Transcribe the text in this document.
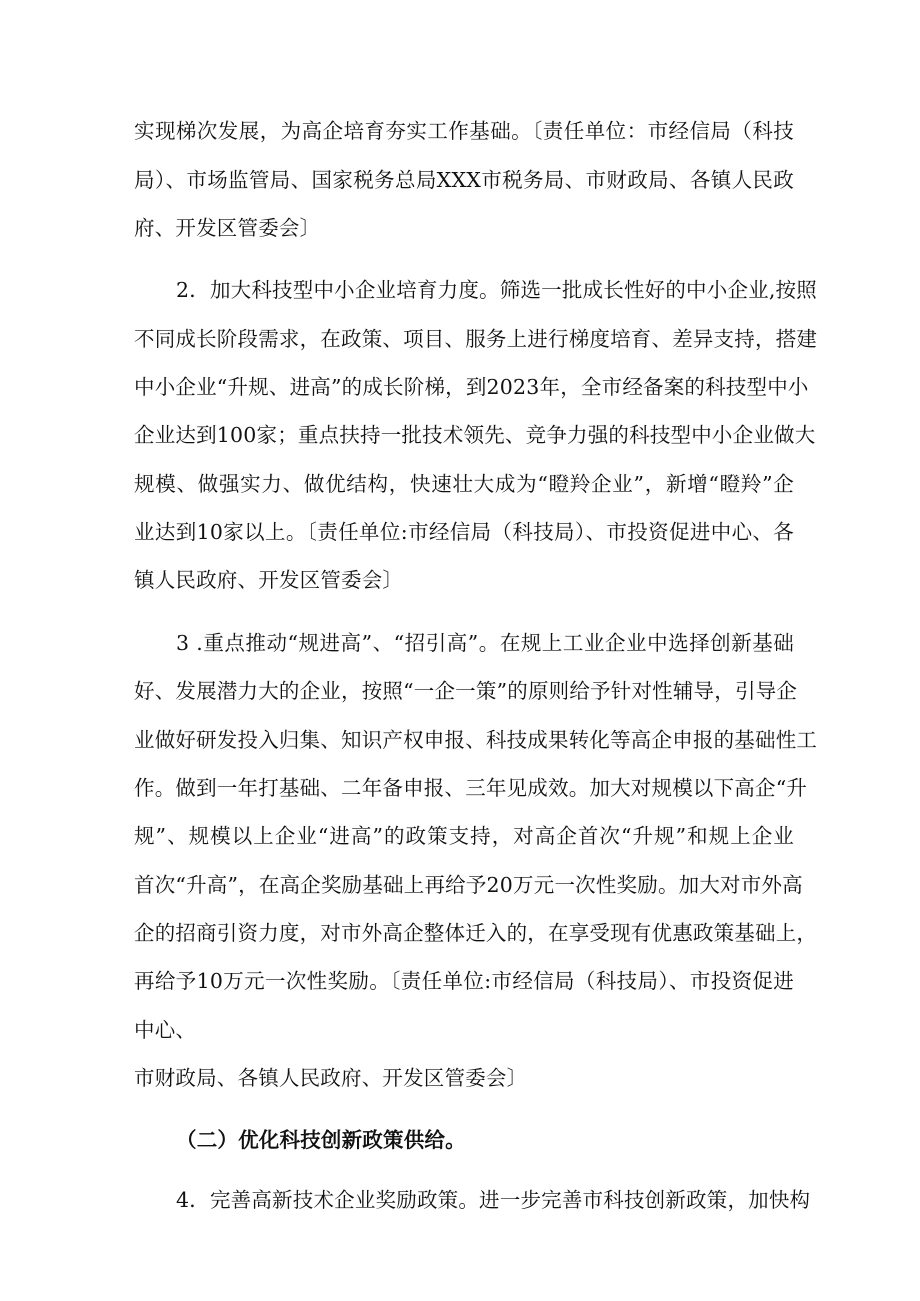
实现梯次发展，为高企培育夯实工作基础。〔责任单位：市经信局（科技
局）、市场监管局、国家税务总局XXX市税务局、市财政局、各镇人民政
府、开发区管委会〕
2．加大科技型中小企业培育力度。筛选一批成长性好的中小企业,按照
不同成长阶段需求，在政策、项目、服务上进行梯度培育、差异支持，搭建
中小企业“升规、进高”的成长阶梯，到2023年，全市经备案的科技型中小
企业达到100家；重点扶持一批技术领先、竞争力强的科技型中小企业做大
规模、做强实力、做优结构，快速壮大成为“瞪羚企业”，新增“瞪羚”企
业达到10家以上。〔责任单位:市经信局（科技局）、市投资促进中心、各
镇人民政府、开发区管委会〕
3 .重点推动“规进高”、“招引高”。在规上工业企业中选择创新基础
好、发展潜力大的企业，按照“一企一策”的原则给予针对性辅导，引导企
业做好研发投入归集、知识产权申报、科技成果转化等高企申报的基础性工
作。做到一年打基础、二年备申报、三年见成效。加大对规模以下高企“升
规”、规模以上企业“进高”的政策支持，对高企首次“升规”和规上企业
首次“升高”，在高企奖励基础上再给予20万元一次性奖励。加大对市外高
企的招商引资力度，对市外高企整体迁入的，在享受现有优惠政策基础上，
再给予10万元一次性奖励。〔责任单位:市经信局（科技局）、市投资促进
中心、
市财政局、各镇人民政府、开发区管委会〕
（二）优化科技创新政策供给。
4．完善高新技术企业奖励政策。进一步完善市科技创新政策，加快构
